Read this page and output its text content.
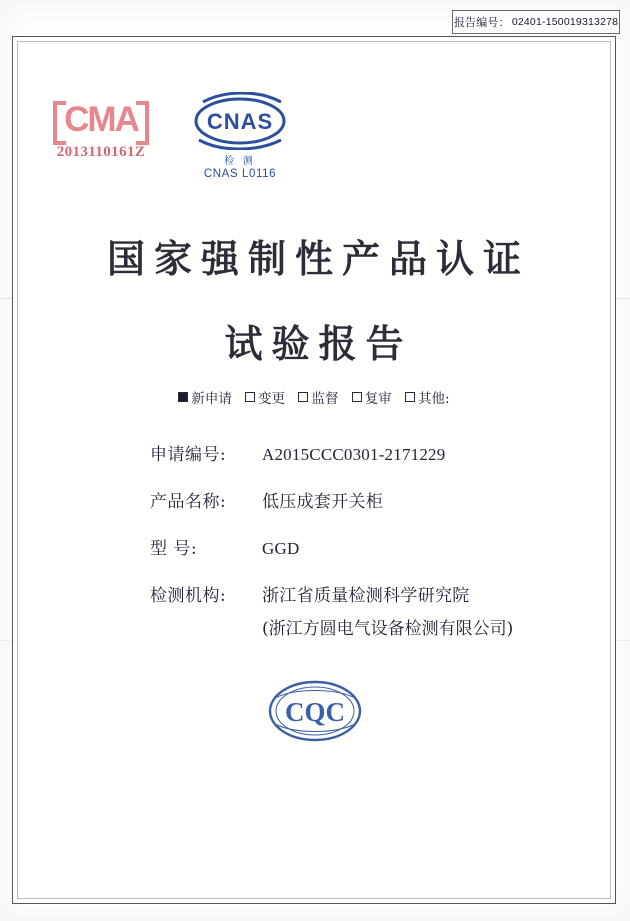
报告编号： 02401-150019313278
CMA
2013110161Z
CNAS
检 测
CNAS L0116
国家强制性产品认证
试验报告
新申请 变更 监督 复审 其他:
申请编号:	A2015CCC0301-2171229
产品名称:	低压成套开关柜
型 号:	GGD
检测机构:	浙江省质量检测科学研究院
(浙江方圆电气设备检测有限公司)
CQC
